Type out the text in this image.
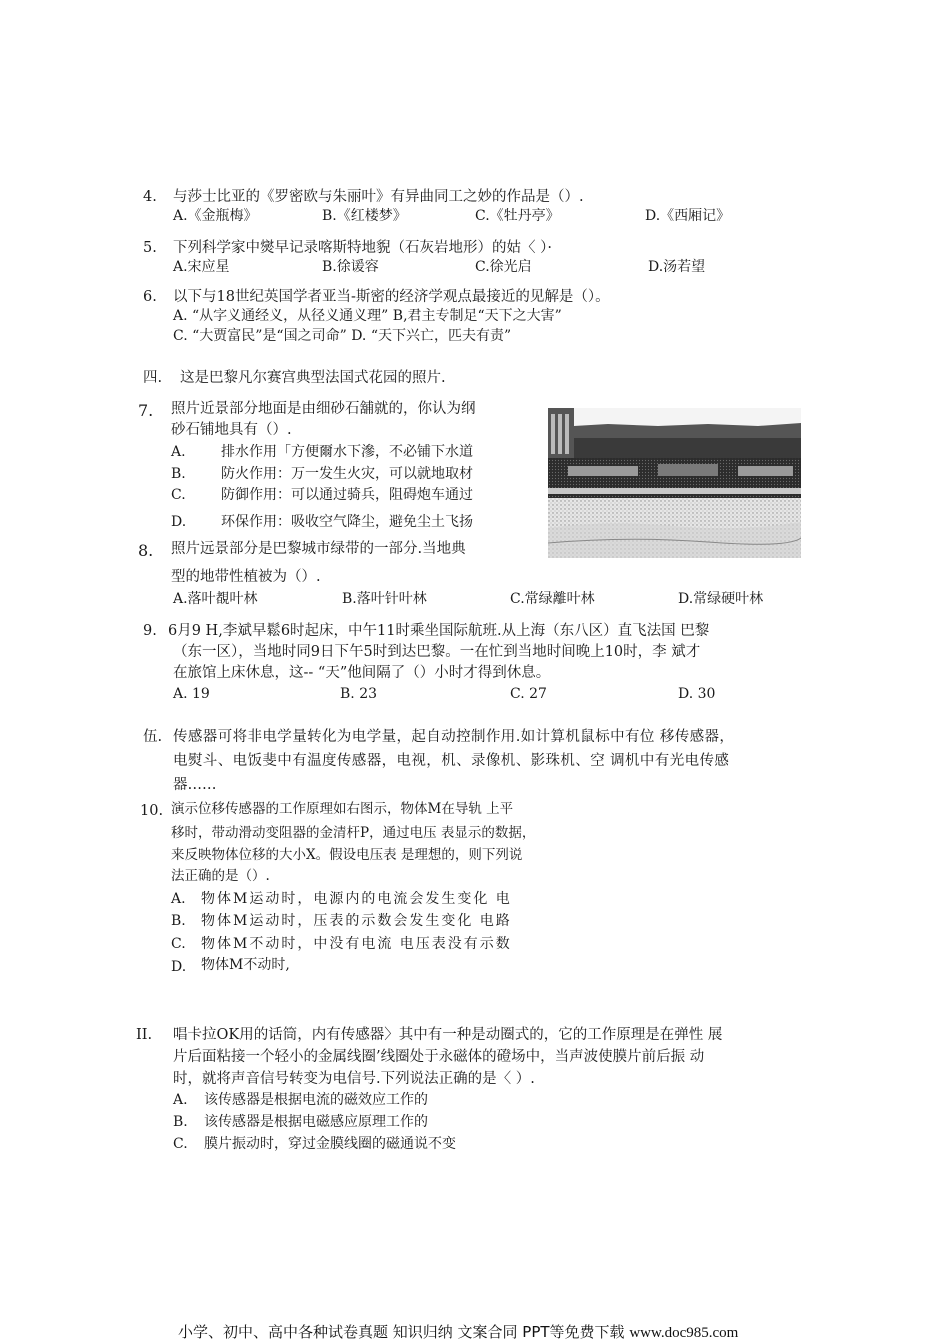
4. 与莎士比亚的《罗密欧与朱丽叶》有异曲同工之妙的作品是（）.
A.《金瓶梅》	B.《红楼梦》	C.《牡丹亭》	D.《西厢记》
5. 下列科学家中爕早记录喀斯特地貎（石灰岩地形）的姑〈 ）·
A.宋应星	B.徐谖容	C.徐光启	D.汤若望
6. 以下与18世纪英国学者亚当-斯密的经济学观点最接近的见解是（）。
A. “从字义通经义，从径义通义理” B,君主专制足“天下之大害”
C. “大贾富民”是“国之司命” D. “天下兴亡，匹夫有责”
四. 这是巴黎凡尔赛宫典型法国式花园的照片.
7. 照片近景部分地面是由细砂石舖就的，你认为纲
砂石铺地具有（）.
A.	排水作用「方便爾水下滲，不必铺下水道
B.	防火作用：万一发生火灾，可以就地取材
C.	防御作用：可以通过骑兵，阻碍炮车通过
D. 环保作用：吸收空气降尘，避免尘土飞扬
8. 照片远景部分是巴黎城市绿带的一部分.当地典
型的地带性植被为（）.
A.落叶覩叶林	B.落叶针叶林	C.常绿離叶林	D.常绿硬叶林
9. 6月9 H,李斌早鬆6时起床，中午11时乘坐国际航班.从上海（东八区）直飞法国 巴黎
（东一区），当地时同9日下午5时到达巴黎。一在忙到当地时间晚上10时，李 斌才
在旅馆上床休息，这-- “天”他间隔了（）小时才得到休息。
A. 19	B. 23	C. 27	D. 30
伍. 传感器可将非电学量转化为电学量，起自动控制作用.如计算机鼠标中有位 移传感器，
电熨斗、电饭斐中有温度传感器，电视，机、录像机、影珠机、空 调机中有光电传感
器……
10. 演示位移传感器的工作原理如右图示，物体M在导轨 上平
移时，带动滑动变阻器的金清杆P，通过电压 表显示的数据，
来反映物体位移的大小X。假设电压表 是理想的，则下列说
法正确的是（）.
A. 物体M运动时，电源内的电流会发生变化 电
B. 物体M运动时，压表的示数会发生变化 电路
C. 物体M不动时，中没有电流 电压表没有示数
D. 物体M不动时,
II. 唱卡拉OK用的话筒，内有传感器〉其中有一种是动圈式的，它的工作原理是在弹性 展
片后面粘接一个轻小的金属线圈’线圈处于永磁体的磴场中，当声波使膜片前后振 动
时，就将声音信号转变为电信号.下列说法正确的是〈 ）.
A. 该传感器是根据电流的磁效应工作的
B. 该传感器是根据电磁感应原理工作的
C. 膜片振动时，穿过金膜线圈的磁通说不变
小学、初中、高中各种试卷真题 知识归纳 文案合同 PPT等免费下载 www.doc985.com
